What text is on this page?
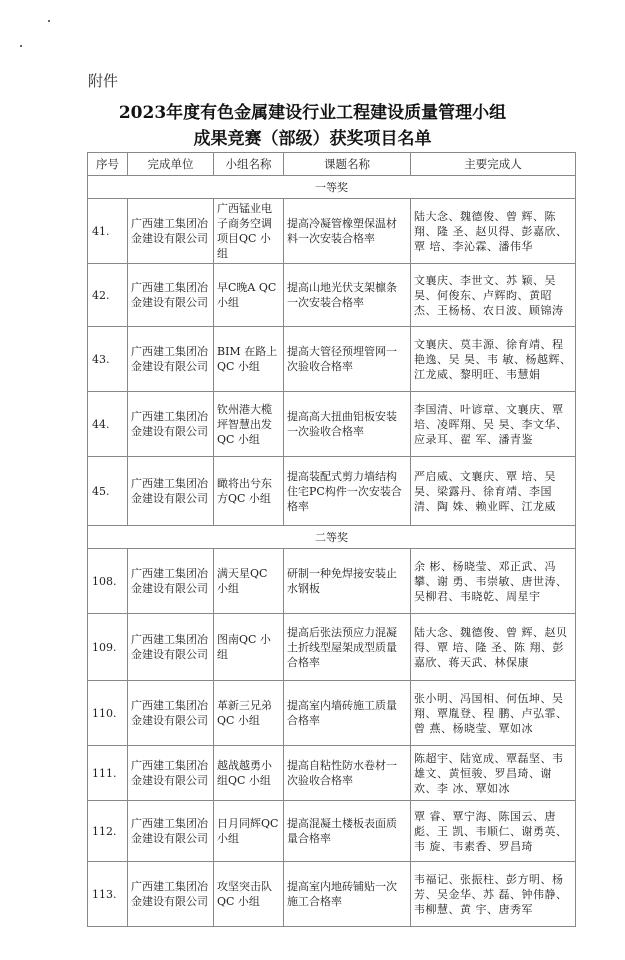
附件
2023年度有色金属建设行业工程建设质量管理小组
成果竞赛（部级）获奖项目名单
序号	完成单位	小组名称	课题名称	主要完成人
一等奖				
41.	广西建工集团冶金建设有限公司	广西锰业电子商务空调项目QC 小组	提高冷凝管橡塑保温材料一次安装合格率	陆大念、魏德俊、曾 辉、陈 翔、隆 圣、赵贝得、彭嘉欣、覃 培、李沁霖、潘伟华
42.	广西建工集团冶金建设有限公司	早C晚A QC 小组	提高山地光伏支架檩条一次安装合格率	文襄庆、李世文、苏 颖、吴 昊、何俊东、卢辉昀、黄昭杰、王杨杨、农日波、顾锦涛
43.	广西建工集团冶金建设有限公司	BIM 在路上 QC 小组	提高大管径预埋管网一次验收合格率	文襄庆、莫丰源、徐育靖、程艳逸、吴 昊、韦 敏、杨越辉、江龙威、黎明旺、韦慧娟
44.	广西建工集团冶金建设有限公司	钦州港大榄坪智慧出发QC 小组	提高高大扭曲铝板安装一次验收合格率	李国清、叶谚章、文襄庆、覃 培、凌晖翔、吴 昊、李文华、应录耳、翟 军、潘青鉴
45.	广西建工集团冶金建设有限公司	瞰将出兮东方QC 小组	提高装配式剪力墙结构住宅PC构件一次安装合格率	严启威、文襄庆、覃 培、吴 昊、梁露丹、徐育靖、李国清、陶 姝、赖业晖、江龙威
二等奖				
108.	广西建工集团冶金建设有限公司	满天星QC 小组	研制一种免焊接安装止水钢板	余 彬、杨晓莹、邓正武、冯 攀、谢 勇、韦崇敏、唐世涛、吴柳君、韦晓乾、周星宇
109.	广西建工集团冶金建设有限公司	图南QC 小组	提高后张法预应力混凝土折线型屋架成型质量合格率	陆大念、魏德俊、曾 辉、赵贝得、覃 培、隆 圣、陈 翔、彭嘉欣、蒋天武、林保康
110.	广西建工集团冶金建设有限公司	革新三兄弟QC 小组	提高室内墙砖施工质量合格率	张小明、冯国相、何伍坤、吴 翔、覃胤登、程 鹏、卢弘霏、曾 燕、杨晓莹、覃如冰
111.	广西建工集团冶金建设有限公司	越战越勇小组QC 小组	提高自粘性防水卷材一次验收合格率	陈超宇、陆宽成、覃磊坚、韦雄文、黄恒骏、罗昌琦、谢 欢、李 冰、覃如冰
112.	广西建工集团冶金建设有限公司	日月同辉QC 小组	提高混凝土楼板表面质量合格率	覃 睿、覃宁海、陈国云、唐 彪、王 凯、韦顺仁、谢勇英、韦 旋、韦素香、罗昌琦
113.	广西建工集团冶金建设有限公司	攻坚突击队QC 小组	提高室内地砖铺贴一次施工合格率	韦福记、张振柱、彭方明、杨 芳、吴金华、苏 磊、钟伟静、韦柳慧、黄 宇、唐秀军
